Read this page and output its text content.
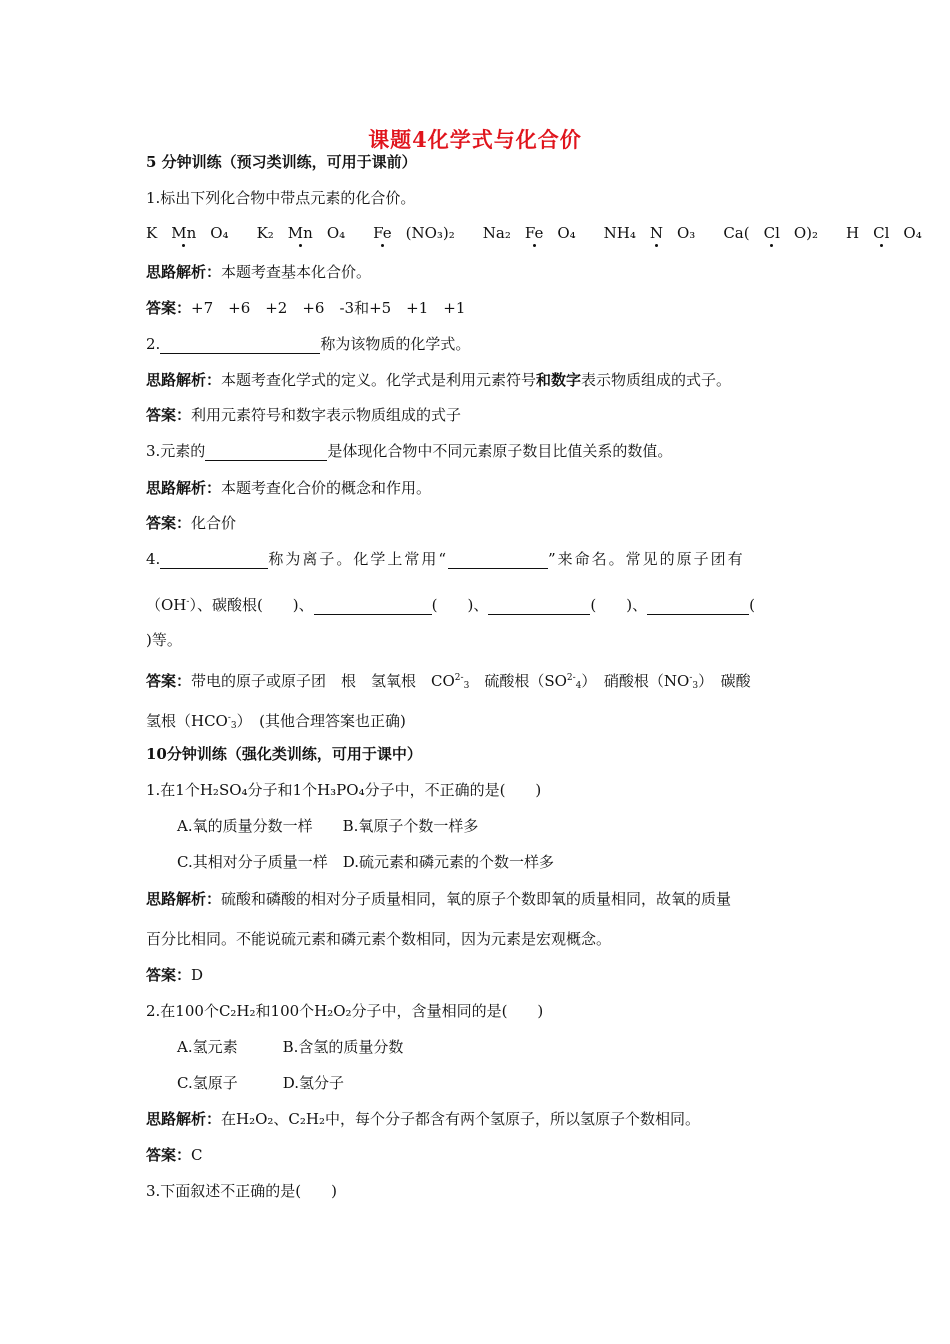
课题4化学式与化合价
5 分钟训练（预习类训练，可用于课前）
1.标出下列化合物中带点元素的化合价。
K Mn O₄ K₂ Mn O₄ Fe (NO₃)₂ Na₂ Fe O₄ NH₄ N O₃ Ca( Cl O)₂ H Cl O₄
思路解析：本题考查基本化合价。
答案：+7　+6　+2　+6　-3和+5　+1　+1
2.	称为该物质的化学式。
思路解析：本题考查化学式的定义。化学式是利用元素符号和数字表示物质组成的式子。
答案：利用元素符号和数字表示物质组成的式子
3.元素的	是体现化合物中不同元素原子数目比值关系的数值。
思路解析：本题考查化合价的概念和作用。
答案：化合价
4.	称为离子。化学上常用“	”来命名。常见的原子团有
（OH-）、碳酸根(　　)、	(　　)、	(　　)、	(
)等。
答案：带电的原子或原子团　根　氢氧根　$CO^{2-}_3$　硫酸根$(SO^{2-}_4)$　硝酸根$(NO^-_3)$　碳酸
氢根$(HCO^-_3)$　(其他合理答案也正确)
10分钟训练（强化类训练，可用于课中）
1.在1个H₂SO₄分子和1个H₃PO₄分子中，不正确的是(　　)
A.氧的质量分数一样　　B.氧原子个数一样多
C.其相对分子质量一样　D.硫元素和磷元素的个数一样多
思路解析：硫酸和磷酸的相对分子质量相同，氧的原子个数即氧的质量相同，故氧的质量
百分比相同。不能说硫元素和磷元素个数相同，因为元素是宏观概念。
答案：D
2.在100个C₂H₂和100个H₂O₂分子中，含量相同的是(　　)
A.氢元素　　　B.含氢的质量分数
C.氢原子　　　D.氢分子
思路解析：在H₂O₂、C₂H₂中，每个分子都含有两个氢原子，所以氢原子个数相同。
答案：C
3.下面叙述不正确的是(　　)
